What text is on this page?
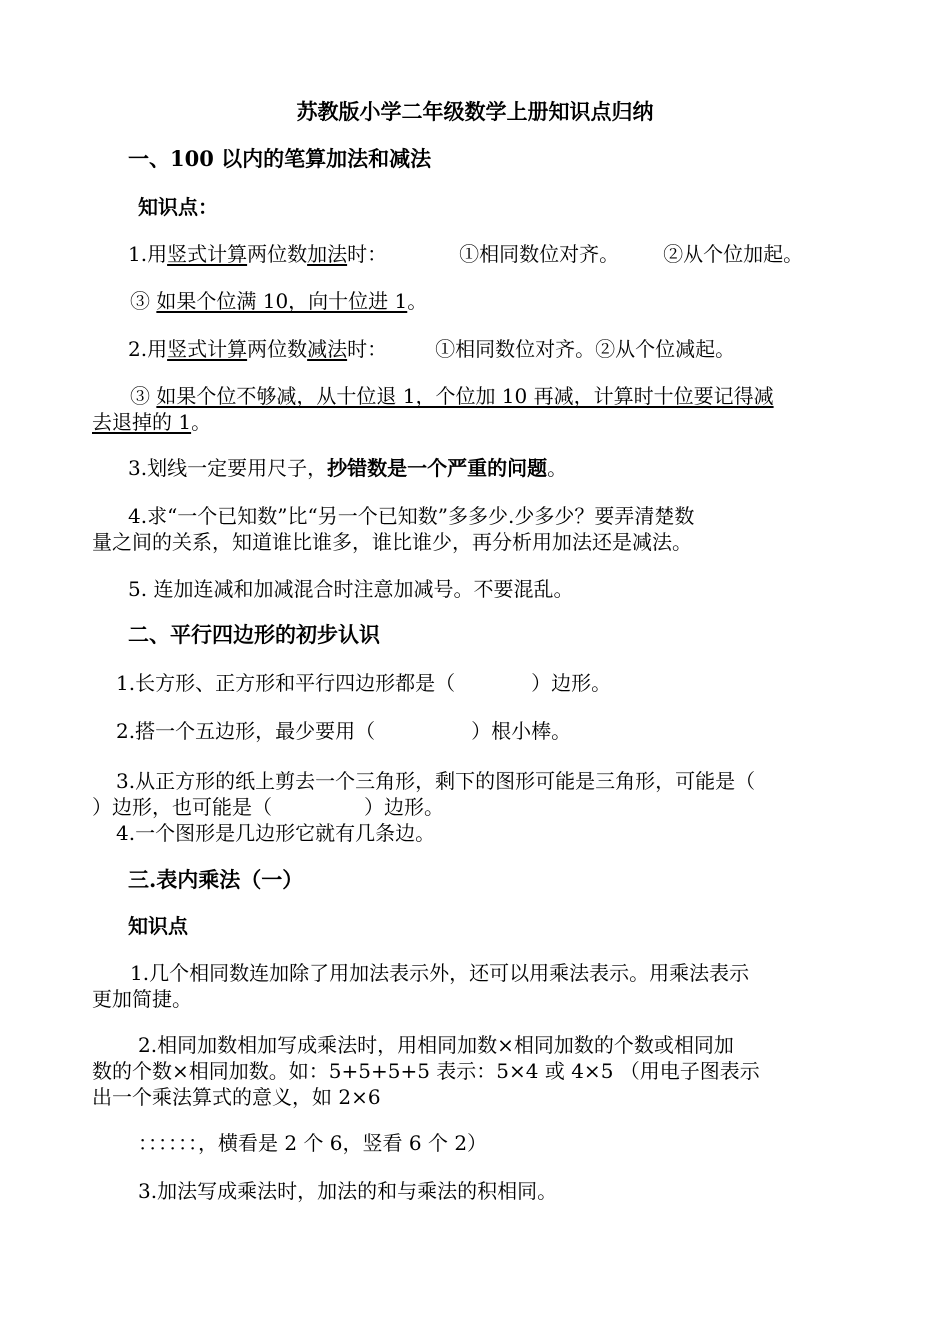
苏教版小学二年级数学上册知识点归纳
一、100 以内的笔算加法和减法
知识点：
1.用竖式计算两位数加法时：	①相同数位对齐。 ②从个位加起。
③ 如果个位满 10，向十位进 1。
2.用竖式计算两位数减法时： ①相同数位对齐。②从个位减起。
③ 如果个位不够减，从十位退 1，个位加 10 再减，计算时十位要记得减
去退掉的 1。
3.划线一定要用尺子，抄错数是一个严重的问题。
4.求“一个已知数”比“另一个已知数”多多少.少多少？要弄清楚数
量之间的关系，知道谁比谁多，谁比谁少，再分析用加法还是减法。
5. 连加连减和加减混合时注意加减号。不要混乱。
二、平行四边形的初步认识
1.长方形、正方形和平行四边形都是（	）边形。
2.搭一个五边形，最少要用（	）根小棒。
3.从正方形的纸上剪去一个三角形，剩下的图形可能是三角形，可能是（
）边形，也可能是（	）边形。
4.一个图形是几边形它就有几条边。
三.表内乘法（一）
知识点
1.几个相同数连加除了用加法表示外，还可以用乘法表示。用乘法表示
更加简捷。
2.相同加数相加写成乘法时，用相同加数×相同加数的个数或相同加
数的个数×相同加数。如：5+5+5+5 表示：5×4 或 4×5 （用电子图表示
出一个乘法算式的意义，如 2×6
：：：：：：，横看是 2 个 6，竖看 6 个 2）
3.加法写成乘法时，加法的和与乘法的积相同。
